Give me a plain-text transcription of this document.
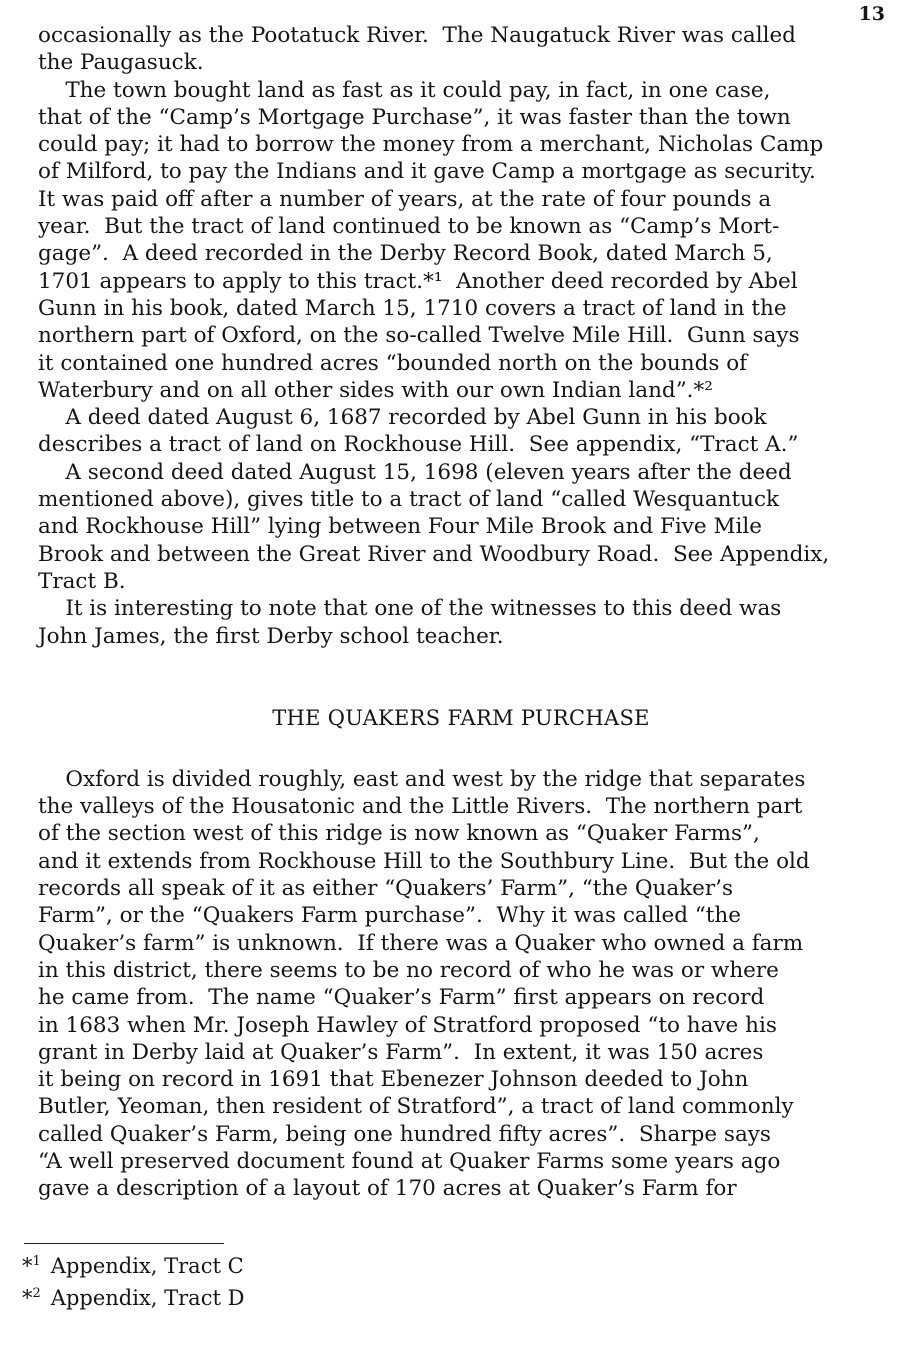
13
occasionally as the Pootatuck River.  The Naugatuck River was called
the Paugasuck.
The town bought land as fast as it could pay, in fact, in one case,
that of the “Camp’s Mortgage Purchase”, it was faster than the town
could pay; it had to borrow the money from a merchant, Nicholas Camp
of Milford, to pay the Indians and it gave Camp a mortgage as security.
It was paid off after a number of years, at the rate of four pounds a
year.  But the tract of land continued to be known as “Camp’s Mort-
gage”.  A deed recorded in the Derby Record Book, dated March 5,
1701 appears to apply to this tract.*¹  Another deed recorded by Abel
Gunn in his book, dated March 15, 1710 covers a tract of land in the
northern part of Oxford, on the so-called Twelve Mile Hill.  Gunn says
it contained one hundred acres “bounded north on the bounds of
Waterbury and on all other sides with our own Indian land”.*²
A deed dated August 6, 1687 recorded by Abel Gunn in his book
describes a tract of land on Rockhouse Hill.  See appendix, “Tract A.”
A second deed dated August 15, 1698 (eleven years after the deed
mentioned above), gives title to a tract of land “called Wesquantuck
and Rockhouse Hill” lying between Four Mile Brook and Five Mile
Brook and between the Great River and Woodbury Road.  See Appendix,
Tract B.
It is interesting to note that one of the witnesses to this deed was
John James, the first Derby school teacher.
THE QUAKERS FARM PURCHASE
Oxford is divided roughly, east and west by the ridge that separates
the valleys of the Housatonic and the Little Rivers.  The northern part
of the section west of this ridge is now known as “Quaker Farms”,
and it extends from Rockhouse Hill to the Southbury Line.  But the old
records all speak of it as either “Quakers’ Farm”, “the Quaker’s
Farm”, or the “Quakers Farm purchase”.  Why it was called “the
Quaker’s farm” is unknown.  If there was a Quaker who owned a farm
in this district, there seems to be no record of who he was or where
he came from.  The name “Quaker’s Farm” first appears on record
in 1683 when Mr. Joseph Hawley of Stratford proposed “to have his
grant in Derby laid at Quaker’s Farm”.  In extent, it was 150 acres
it being on record in 1691 that Ebenezer Johnson deeded to John
Butler, Yeoman, then resident of Stratford”, a tract of land commonly
called Quaker’s Farm, being one hundred fifty acres”.  Sharpe says
“A well preserved document found at Quaker Farms some years ago
gave a description of a layout of 170 acres at Quaker’s Farm for
*$^1$ Appendix, Tract C
*$^2$ Appendix, Tract D
